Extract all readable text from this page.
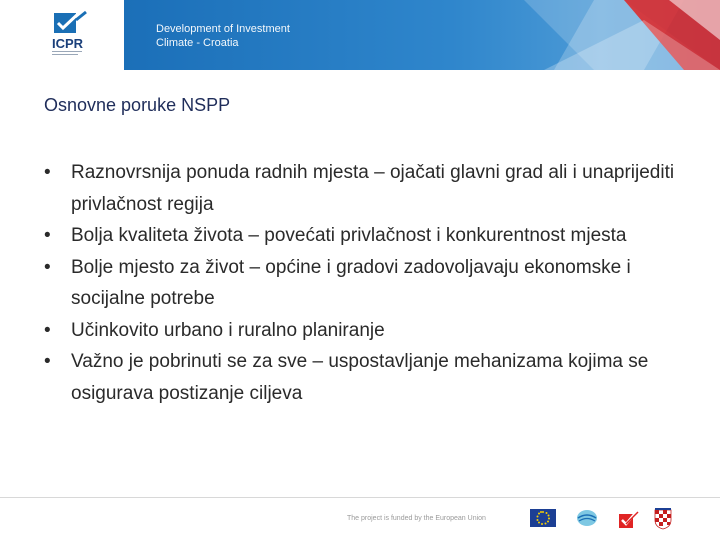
ICPR
Development of Investment
Climate - Croatia
Osnovne poruke NSPP
• Raznovrsnija ponuda radnih mjesta – ojačati glavni grad ali i unaprijediti privlačnost regija
• Bolja kvaliteta života – povećati privlačnost i konkurentnost mjesta
• Bolje mjesto za život – općine i gradovi zadovoljavaju ekonomske i socijalne potrebe
• Učinkovito urbano i ruralno planiranje
• Važno je pobrinuti se za sve – uspostavljanje mehanizama kojima se osigurava postizanje ciljeva
The project is funded by the European Union
